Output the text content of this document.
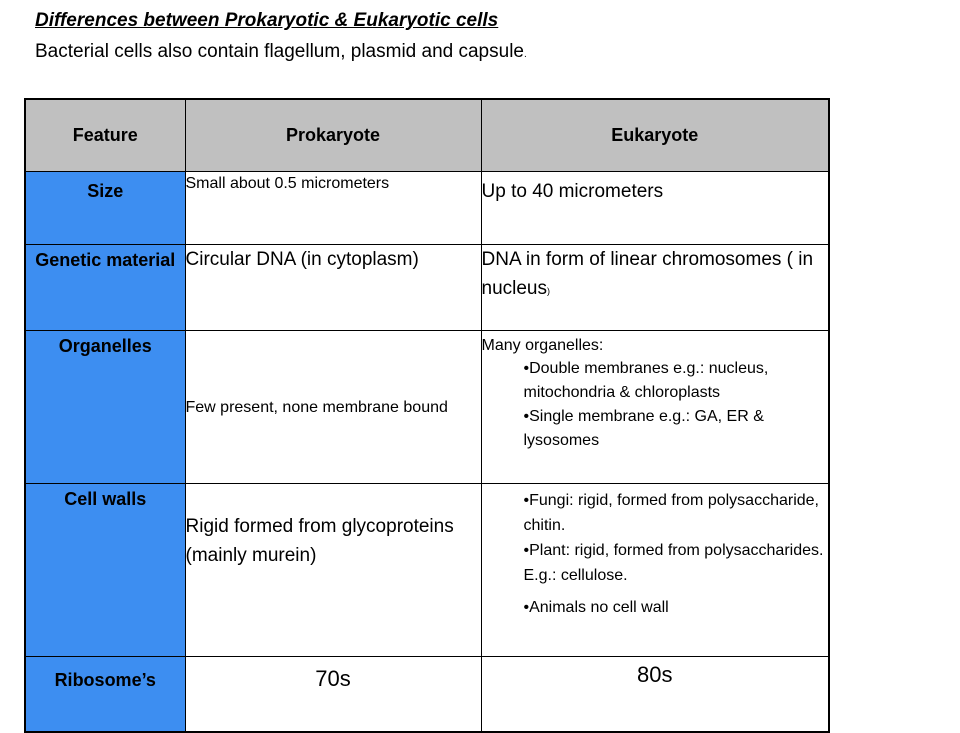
Differences between Prokaryotic & Eukaryotic cells
Bacterial cells also contain flagellum, plasmid and capsule.
Feature	Prokaryote	Eukaryote
Size	Small about 0.5 micrometers	Up to 40 micrometers

Genetic material	Circular DNA (in cytoplasm)	DNA in form of linear chromosomes ( in nucleus)

Organelles	Few present, none membrane bound	Many organelles:
•Double membranes e.g.: nucleus, mitochondria & chloroplasts
•Single membrane e.g.: GA, ER & lysosomes

Cell walls	Rigid formed from glycoproteins (mainly murein)	•Fungi: rigid, formed from polysaccharide, chitin.
•Plant: rigid, formed from polysaccharides. E.g.: cellulose.
•Animals no cell wall

Ribosome’s	70s	80s
